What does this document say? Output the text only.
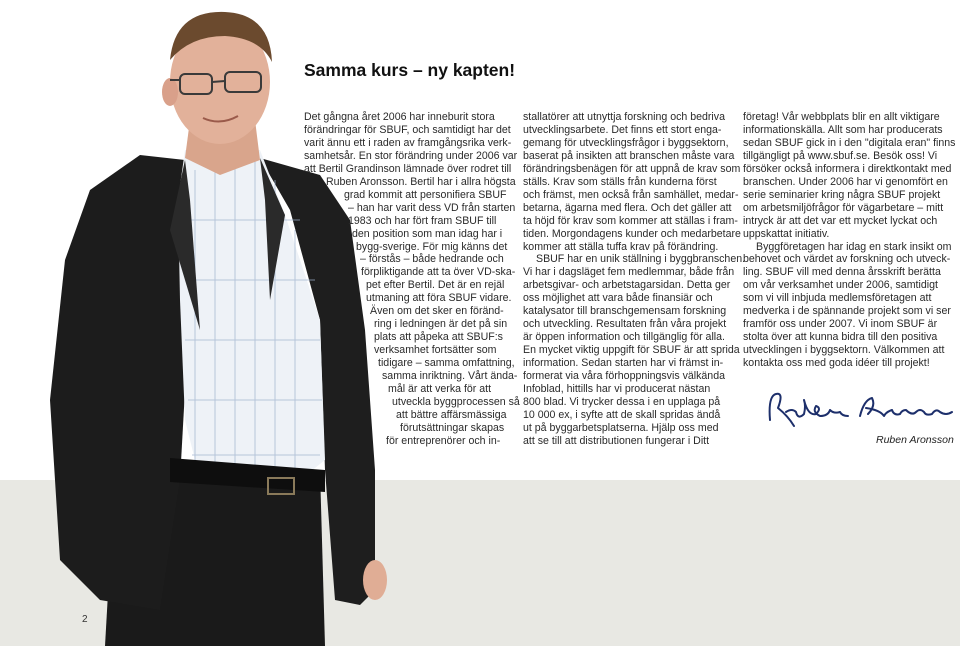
Samma kurs – ny kapten!
Det gångna året 2006 har inneburit stora
förändringar för SBUF, och samtidigt har det
varit ännu ett i raden av framgångsrika verk-
samhetsår. En stor förändring under 2006 var
att Bertil Grandinson lämnade över rodret till
Ruben Aronsson. Bertil har i allra högsta
grad kommit att personifiera SBUF
– han har varit dess VD från starten
1983 och har fört fram SBUF till
den position som man idag har i
bygg-sverige. För mig känns det
– förstås – både hedrande och
förpliktigande att ta över VD-ska-
pet efter Bertil. Det är en rejäl
utmaning att föra SBUF vidare.
Även om det sker en föränd-
ring i ledningen är det på sin
plats att påpeka att SBUF:s
verksamhet fortsätter som
tidigare – samma omfattning,
samma inriktning. Vårt ända-
mål är att verka för att
utveckla byggprocessen så
att bättre affärsmässiga
förutsättningar skapas
för entreprenörer och in-
stallatörer att utnyttja forskning och bedriva
utvecklingsarbete. Det finns ett stort enga-
gemang för utvecklingsfrågor i byggsektorn,
baserat på insikten att branschen måste vara
förändringsbenägen för att uppnå de krav som
ställs. Krav som ställs från kunderna först
och främst, men också från samhället, medar-
betarna, ägarna med flera. Och det gäller att
ta höjd för krav som kommer att ställas i fram-
tiden. Morgondagens kunder och medarbetare
kommer att ställa tuffa krav på förändring.
SBUF har en unik ställning i byggbranschen.
Vi har i dagsläget fem medlemmar, både från
arbetsgivar- och arbetstagarsidan. Detta ger
oss möjlighet att vara både finansiär och
katalysator till branschgemensam forskning
och utveckling. Resultaten från våra projekt
är öppen information och tillgänglig för alla.
En mycket viktig uppgift för SBUF är att sprida
information. Sedan starten har vi främst in-
formerat via våra förhoppningsvis välkända
Infoblad, hittills har vi producerat nästan
800 blad. Vi trycker dessa i en upplaga på
10 000 ex, i syfte att de skall spridas ändå
ut på byggarbetsplatserna. Hjälp oss med
att se till att distributionen fungerar i Ditt
företag! Vår webbplats blir en allt viktigare
informationskälla. Allt som har producerats
sedan SBUF gick in i den "digitala eran" finns
tillgängligt på www.sbuf.se. Besök oss! Vi
försöker också informera i direktkontakt med
branschen. Under 2006 har vi genomfört en
serie seminarier kring några SBUF projekt
om arbetsmiljöfrågor för vägarbetare – mitt
intryck är att det var ett mycket lyckat och
uppskattat initiativ.
Byggföretagen har idag en stark insikt om
behovet och värdet av forskning och utveck-
ling. SBUF vill med denna årsskrift berätta
om vår verksamhet under 2006, samtidigt
som vi vill inbjuda medlemsföretagen att
medverka i de spännande projekt som vi ser
framför oss under 2007. Vi inom SBUF är
stolta över att kunna bidra till den positiva
utvecklingen i byggsektorn. Välkommen att
kontakta oss med goda idéer till projekt!
Ruben Aronsson
2
